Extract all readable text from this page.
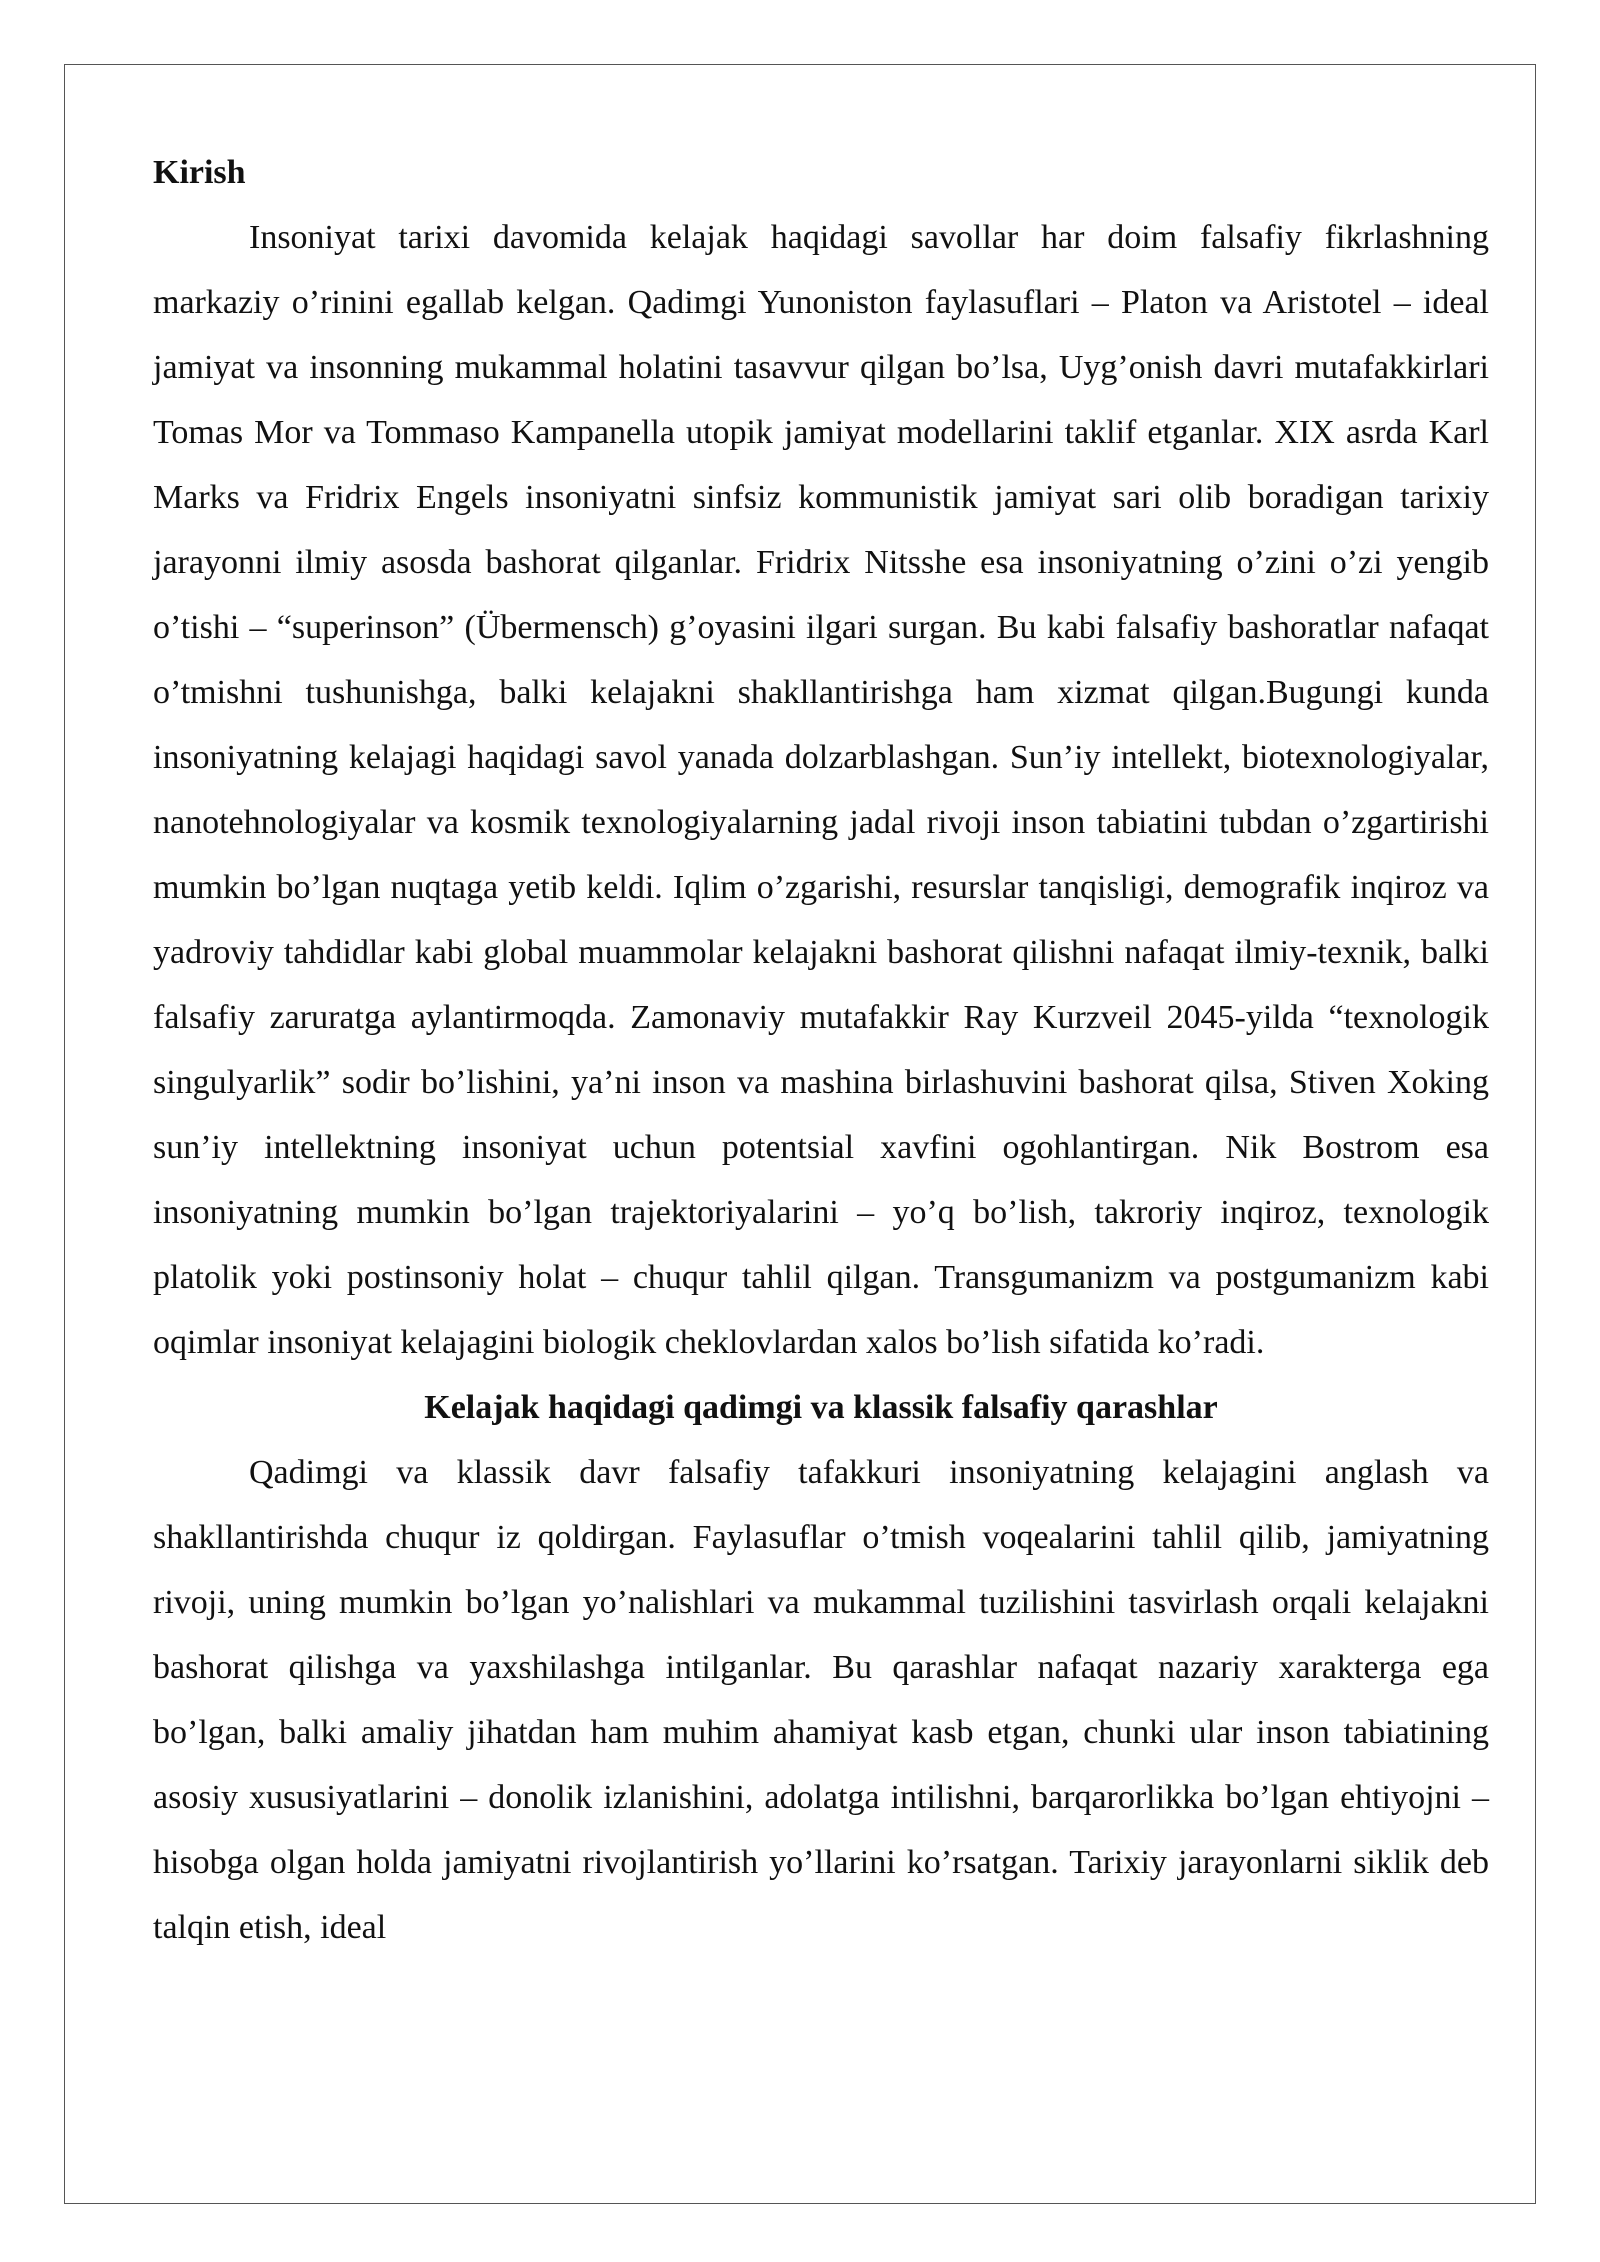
Kirish

Insoniyat tarixi davomida kelajak haqidagi savollar har doim falsafiy fikrlashning markaziy o’rinini egallab kelgan. Qadimgi Yunoniston faylasuflari – Platon va Aristotel – ideal jamiyat va insonning mukammal holatini tasavvur qilgan bo’lsa, Uyg’onish davri mutafakkirlari Tomas Mor va Tommaso Kampanella utopik jamiyat modellarini taklif etganlar. XIX asrda Karl Marks va Fridrix Engels insoniyatni sinfsiz kommunistik jamiyat sari olib boradigan tarixiy jarayonni ilmiy asosda bashorat qilganlar. Fridrix Nitsshe esa insoniyatning o’zini o’zi yengib o’tishi – “superinson” (Übermensch) g’oyasini ilgari surgan. Bu kabi falsafiy bashoratlar nafaqat o’tmishni tushunishga, balki kelajakni shakllantirishga ham xizmat qilgan.Bugungi kunda insoniyatning kelajagi haqidagi savol yanada dolzarblashgan. Sun’iy intellekt, biotexnologiyalar, nanotehnologiyalar va kosmik texnologiyalarning jadal rivoji inson tabiatini tubdan o’zgartirishi mumkin bo’lgan nuqtaga yetib keldi. Iqlim o’zgarishi, resurslar tanqisligi, demografik inqiroz va yadroviy tahdidlar kabi global muammolar kelajakni bashorat qilishni nafaqat ilmiy-texnik, balki falsafiy zaruratga aylantirmoqda. Zamonaviy mutafakkir Ray Kurzveil 2045-yilda “texnologik singulyarlik” sodir bo’lishini, ya’ni inson va mashina birlashuvini bashorat qilsa, Stiven Xoking sun’iy intellektning insoniyat uchun potentsial xavfini ogohlantirgan. Nik Bostrom esa insoniyatning mumkin bo’lgan trajektoriyalarini – yo’q bo’lish, takroriy inqiroz, texnologik platolik yoki postinsoniy holat – chuqur tahlil qilgan. Transgumanizm va postgumanizm kabi oqimlar insoniyat kelajagini biologik cheklovlardan xalos bo’lish sifatida ko’radi.

Kelajak haqidagi qadimgi va klassik falsafiy qarashlar

Qadimgi va klassik davr falsafiy tafakkuri insoniyatning kelajagini anglash va shakllantirishda chuqur iz qoldirgan. Faylasuflar o’tmish voqealarini tahlil qilib, jamiyatning rivoji, uning mumkin bo’lgan yo’nalishlari va mukammal tuzilishini tasvirlash orqali kelajakni bashorat qilishga va yaxshilashga intilganlar. Bu qarashlar nafaqat nazariy xarakterga ega bo’lgan, balki amaliy jihatdan ham muhim ahamiyat kasb etgan, chunki ular inson tabiatining asosiy xususiyatlarini – donolik izlanishini, adolatga intilishni, barqarorlikka bo’lgan ehtiyojni – hisobga olgan holda jamiyatni rivojlantirish yo’llarini ko’rsatgan. Tarixiy jarayonlarni siklik deb talqin etish, ideal
